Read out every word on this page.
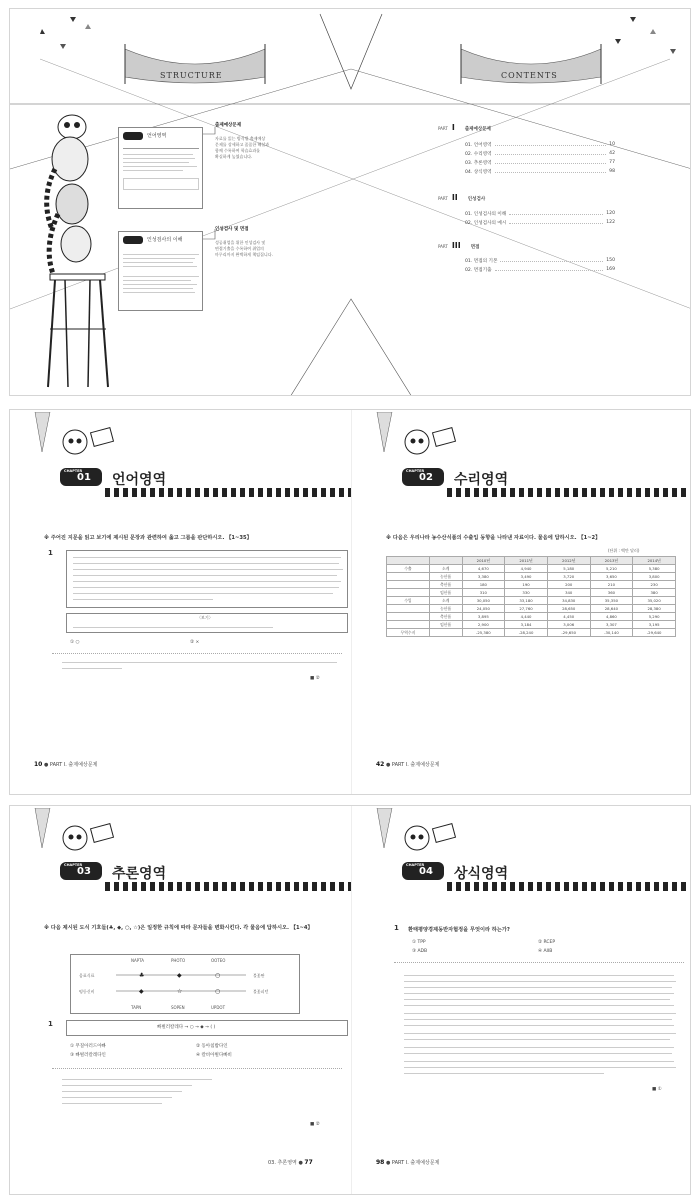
STRUCTURE
언어영역
인성검사의 이해
출제예상문제
자료를 읽는 방식별 출제예상
문제를 상세하고 꼼꼼한 해설과
함께 수록하여 학습효과를
확실하게 높였습니다.
인성검사 및 면접
성공취업을 위한 인성검사 및
면접기출을 수록하여 취업의
마무리까지 완벽하게 책임집니다.
CONTENTS
PART I 출제예상문제
01. 언어영역	10
02. 수리영역	42
03. 추론영역	77
04. 상식영역	98
PART II 인성검사
01. 인성검사의 이해	120
02. 인성검사의 예시	122
PART III 면접
01. 면접의 기본	150
02. 면접기출	169
CHAPTER
01 언어영역
※ 주어진 지문을 읽고 보기에 제시된 문장과 관련하여 옳고 그름을 판단하시오. 【1~35】
1
〈보기〉
① ○	② ×
■ ②
10 ● PART Ⅰ. 출제예상문제
CHAPTER
02 수리영역
※ 다음은 우리나라 농수산식품의 수출입 동향을 나타낸 자료이다. 물음에 답하시오. 【1~2】
(단위 : 백만 달러)
		2010년	2011년	2012년	2013년	2014년
수출	소계	4,670	4,940	5,180	5,210	5,380
	농산품	3,380	3,490	3,720	3,650	3,800
	축산품	180	190	200	210	230
	임산품	310	330	340	360	380
수입	소계	30,050	33,180	34,830	35,350	35,020
	농산품	24,050	27,760	28,650	28,640	28,380
	축산품	3,895	4,440	4,450	4,860	5,290
	임산품	2,900	3,184	3,006	3,307	3,195
무역수지		-25,380	-28,240	-29,650	-30,140	-29,640
42 ● PART Ⅰ. 출제예상문제
CHAPTER
03 추론영역
※ 다음 제시된 도식 기호들(♣, ◆, ○, ☆)은 일정한 규칙에 따라 문자들을 변화시킨다. 각 물음에 답하시오. 【1~4】
NAPTA	PHOTO	OOTEO
음표식표
펑등신비
불꽃딴
불꽃피던
♣	◆	○
◆	☆	○
TAPN	SOPEN	UPDOT
1	빠벌러칼레다 → ○ → ◆ → ( )
① 무칠아러드아빠
③ 빠벌러칼레다인
② 동아침밥다인
④ 칼비아벌다빠비
■ ②
03. 추론영역 ● 77
CHAPTER
04 상식영역
1 환태평양경제동반자협정을 무엇이라 하는가?
① TPP
③ ADB
② RCEP
④ AIIB
■ ①
98 ● PART Ⅰ. 출제예상문제
